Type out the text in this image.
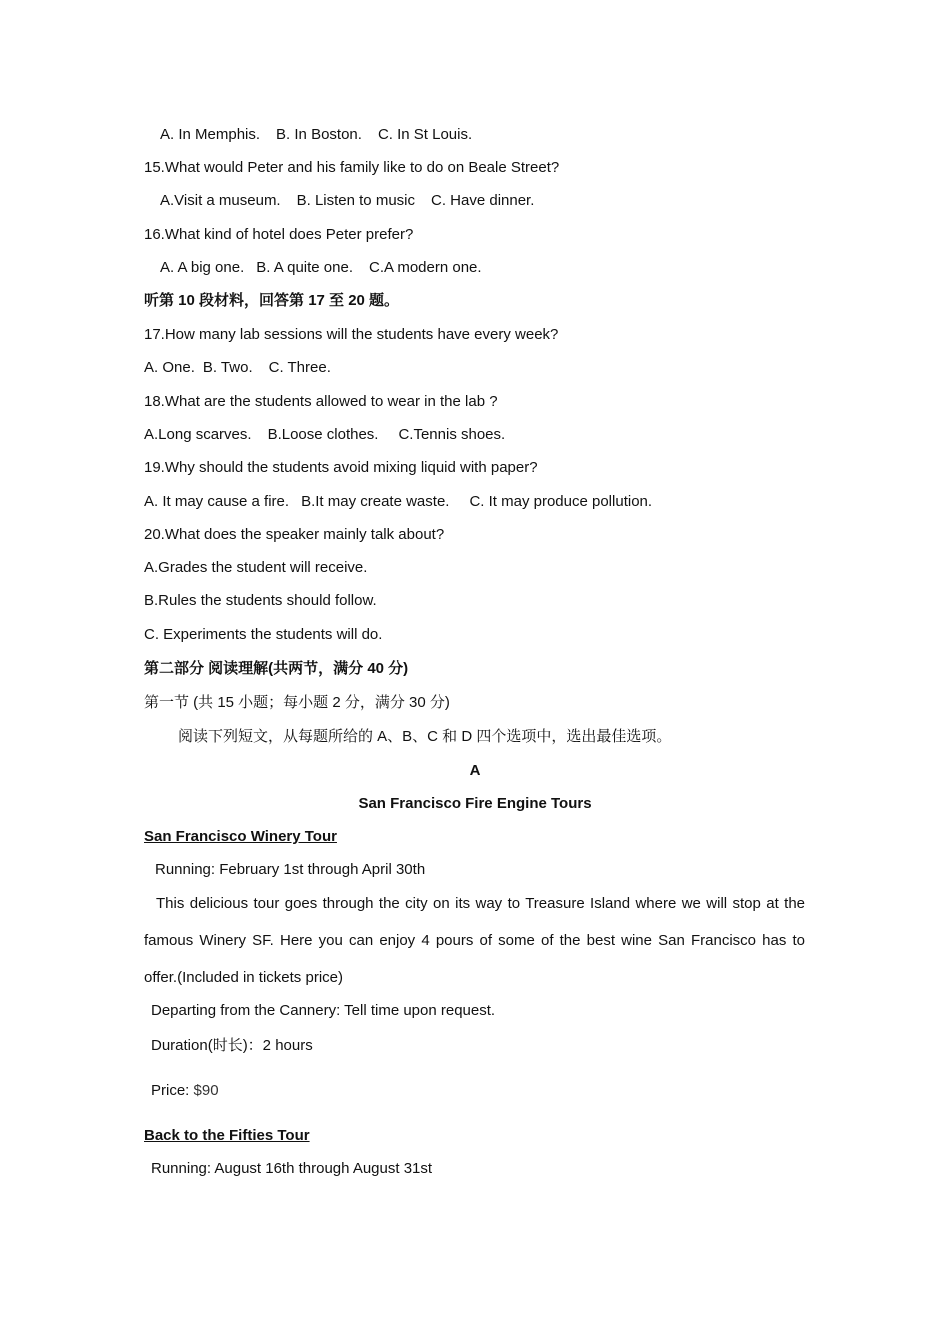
A. In Memphis. B. In Boston. C. In St Louis.
15.What would Peter and his family like to do on Beale Street?
A.Visit a museum. B. Listen to music C. Have dinner.
16.What kind of hotel does Peter prefer?
A. A big one. B. A quite one. C.A modern one.
听第 10 段材料，回答第 17 至 20 题。
17.How many lab sessions will the students have every week?
A. One. B. Two. C. Three.
18.What are the students allowed to wear in the lab ?
A.Long scarves. B.Loose clothes. C.Tennis shoes.
19.Why should the students avoid mixing liquid with paper?
A. It may cause a fire. B.It may create waste. C. It may produce pollution.
20.What does the speaker mainly talk about?
A.Grades the student will receive.
B.Rules the students should follow.
C. Experiments the students will do.
第二部分 阅读理解(共两节，满分 40 分)
第一节 (共 15 小题；每小题 2 分，满分 30 分)
阅读下列短文，从每题所给的 A、B、C 和 D 四个选项中，选出最佳选项。
A
San Francisco Fire Engine Tours
San Francisco Winery Tour
Running: February 1st through April 30th
This delicious tour goes through the city on its way to Treasure Island where we will stop at the
famous Winery SF. Here you can enjoy 4 pours of some of the best wine San Francisco has to
offer.(Included in tickets price)
Departing from the Cannery: Tell time upon request.
Duration(时长)：2 hours
Price: $90
Back to the Fifties Tour
Running: August 16th through August 31st
